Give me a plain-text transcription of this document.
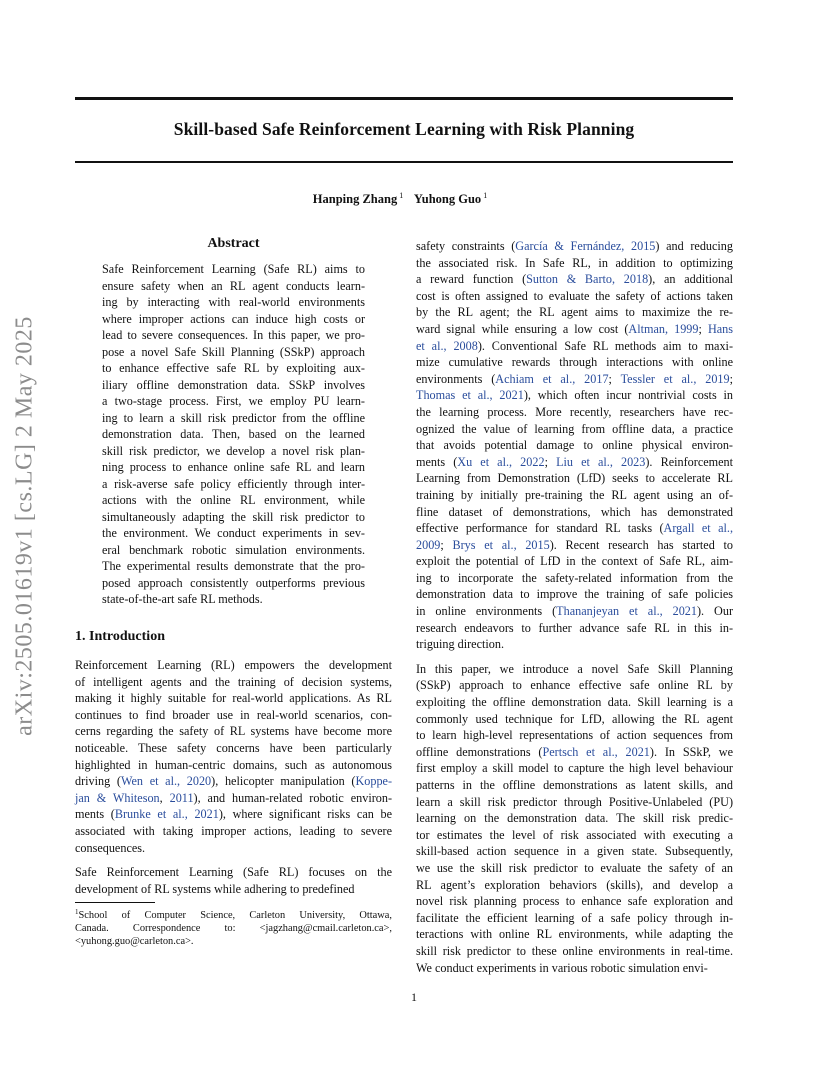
Skill-based Safe Reinforcement Learning with Risk Planning
Hanping Zhang $^1$ Yuhong Guo $^1$
arXiv:2505.01619v1 [cs.LG] 2 May 2025
Abstract
Safe Reinforcement Learning (Safe RL) aims to
ensure safety when an RL agent conducts learn-
ing by interacting with real-world environments
where improper actions can induce high costs or
lead to severe consequences. In this paper, we pro-
pose a novel Safe Skill Planning (SSkP) approach
to enhance effective safe RL by exploiting aux-
iliary offline demonstration data. SSkP involves
a two-stage process. First, we employ PU learn-
ing to learn a skill risk predictor from the offline
demonstration data. Then, based on the learned
skill risk predictor, we develop a novel risk plan-
ning process to enhance online safe RL and learn
a risk-averse safe policy efficiently through inter-
actions with the online RL environment, while
simultaneously adapting the skill risk predictor to
the environment. We conduct experiments in sev-
eral benchmark robotic simulation environments.
The experimental results demonstrate that the pro-
posed approach consistently outperforms previous
state-of-the-art safe RL methods.
1. Introduction
Reinforcement Learning (RL) empowers the development
of intelligent agents and the training of decision systems,
making it highly suitable for real-world applications. As RL
continues to find broader use in real-world scenarios, con-
cerns regarding the safety of RL systems have become more
noticeable. These safety concerns have been particularly
highlighted in human-centric domains, such as autonomous
driving (Wen et al., 2020), helicopter manipulation (Koppe-
jan & Whiteson, 2011), and human-related robotic environ-
ments (Brunke et al., 2021), where significant risks can be
associated with taking improper actions, leading to severe
consequences.
Safe Reinforcement Learning (Safe RL) focuses on the
development of RL systems while adhering to predefined
$^1$School of Computer Science, Carleton University, Ottawa,
Canada. Correspondence to: <jagzhang@cmail.carleton.ca>,
<yuhong.guo@carleton.ca>.
safety constraints (García & Fernández, 2015) and reducing
the associated risk. In Safe RL, in addition to optimizing
a reward function (Sutton & Barto, 2018), an additional
cost is often assigned to evaluate the safety of actions taken
by the RL agent; the RL agent aims to maximize the re-
ward signal while ensuring a low cost (Altman, 1999; Hans
et al., 2008). Conventional Safe RL methods aim to maxi-
mize cumulative rewards through interactions with online
environments (Achiam et al., 2017; Tessler et al., 2019;
Thomas et al., 2021), which often incur nontrivial costs in
the learning process. More recently, researchers have rec-
ognized the value of learning from offline data, a practice
that avoids potential damage to online physical environ-
ments (Xu et al., 2022; Liu et al., 2023). Reinforcement
Learning from Demonstration (LfD) seeks to accelerate RL
training by initially pre-training the RL agent using an of-
fline dataset of demonstrations, which has demonstrated
effective performance for standard RL tasks (Argall et al.,
2009; Brys et al., 2015). Recent research has started to
exploit the potential of LfD in the context of Safe RL, aim-
ing to incorporate the safety-related information from the
demonstration data to improve the training of safe policies
in online environments (Thananjeyan et al., 2021). Our
research endeavors to further advance safe RL in this in-
triguing direction.
In this paper, we introduce a novel Safe Skill Planning
(SSkP) approach to enhance effective safe online RL by
exploiting the offline demonstration data. Skill learning is a
commonly used technique for LfD, allowing the RL agent
to learn high-level representations of action sequences from
offline demonstrations (Pertsch et al., 2021). In SSkP, we
first employ a skill model to capture the high level behaviour
patterns in the offline demonstrations as latent skills, and
learn a skill risk predictor through Positive-Unlabeled (PU)
learning on the demonstration data. The skill risk predic-
tor estimates the level of risk associated with executing a
skill-based action sequence in a given state. Subsequently,
we use the skill risk predictor to evaluate the safety of an
RL agent’s exploration behaviors (skills), and develop a
novel risk planning process to enhance safe exploration and
facilitate the efficient learning of a safe policy through in-
teractions with online RL environments, while adapting the
skill risk predictor to these online environments in real-time.
We conduct experiments in various robotic simulation envi-
1
